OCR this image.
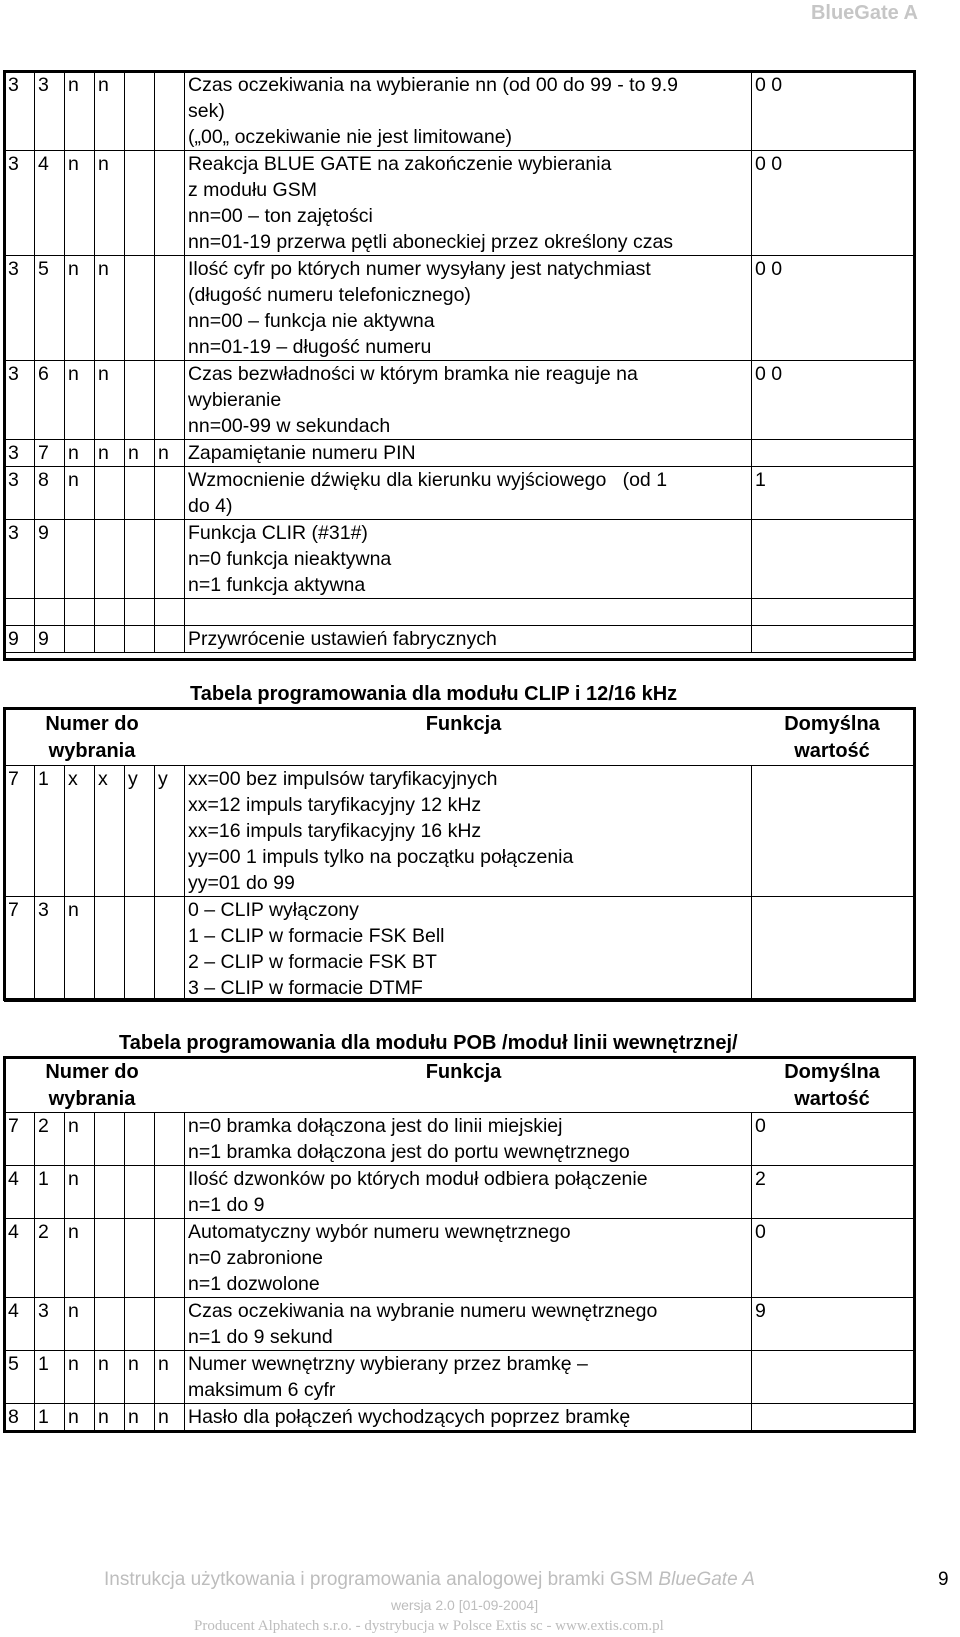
BlueGate A
3	3	n	n			Czas oczekiwania na wybieranie nn (od 00 do 99 - to 9.9
sek)
(„00„ oczekiwanie nie jest limitowane)	0 0
3	4	n	n			Reakcja BLUE GATE na zakończenie wybierania
z modułu GSM
nn=00 – ton zajętości
nn=01-19 przerwa pętli aboneckiej przez określony czas	0 0
3	5	n	n			Ilość cyfr po których numer wysyłany jest natychmiast
(długość numeru telefonicznego)
nn=00 – funkcja nie aktywna
nn=01-19 – długość numeru	0 0
3	6	n	n			Czas bezwładności w którym bramka nie reaguje na
wybieranie
nn=00-99 w sekundach	0 0
3	7	n	n	n	n	Zapamiętanie numeru PIN	
3	8	n				Wzmocnienie dźwięku dla kierunku wyjściowego   (od 1
do 4)	1
3	9					Funkcja CLIR (#31#)
n=0 funkcja nieaktywna
n=1 funkcja aktywna	

9	9					Przywrócenie ustawień fabrycznych	
Tabela programowania dla modułu CLIP i 12/16 kHz
Numer do
wybrania
Funkcja	Domyślna
wartość
7	1	x	x	y	y	xx=00 bez impulsów taryfikacyjnych
xx=12 impuls taryfikacyjny 12 kHz
xx=16 impuls taryfikacyjny 16 kHz
yy=00 1 impuls tylko na początku połączenia
yy=01 do 99	
7	3	n				0 – CLIP wyłączony
1 – CLIP w formacie FSK Bell
2 – CLIP w formacie FSK BT
3 – CLIP w formacie DTMF	
Tabela programowania dla modułu POB /moduł linii wewnętrznej/
Numer do
wybrania
Funkcja	Domyślna
wartość
7	2	n				n=0 bramka dołączona jest do linii miejskiej
n=1 bramka dołączona jest do portu wewnętrznego	0
4	1	n				Ilość dzwonków po których moduł odbiera połączenie
n=1 do 9	2
4	2	n				Automatyczny wybór numeru wewnętrznego
n=0 zabronione
n=1 dozwolone	0
4	3	n				Czas oczekiwania na wybranie numeru wewnętrznego
n=1 do 9 sekund	9
5	1	n	n	n	n	Numer wewnętrzny wybierany przez bramkę –
maksimum 6 cyfr	
8	1	n	n	n	n	Hasło dla połączeń wychodzących poprzez bramkę	
Instrukcja użytkowania i programowania analogowej bramki GSM BlueGate A	9
wersja 2.0 [01-09-2004]
Producent Alphatech s.r.o. - dystrybucja w Polsce Extis sc - www.extis.com.pl
